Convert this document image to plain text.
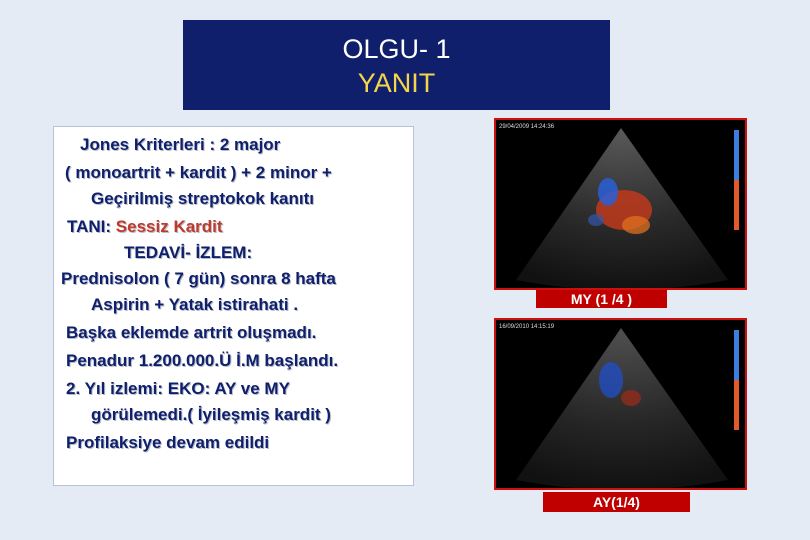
OLGU- 1
YANIT
Jones Kriterleri : 2 major
( monoartrit + kardit ) + 2 minor +
Geçirilmiş streptokok kanıtı
TANI: Sessiz Kardit
TEDAVİ- İZLEM:
Prednisolon ( 7 gün) sonra 8 hafta
Aspirin + Yatak istirahati .
Başka eklemde artrit oluşmadı.
Penadur 1.200.000.Ü İ.M başlandı.
2. Yıl izlemi: EKO: AY ve MY
görülemedi.( İyileşmiş kardit )
Profilaksiye devam edildi
29/04/2009 14:24:36
MY (1 /4 )
16/09/2010 14:15:19
AY(1/4)
